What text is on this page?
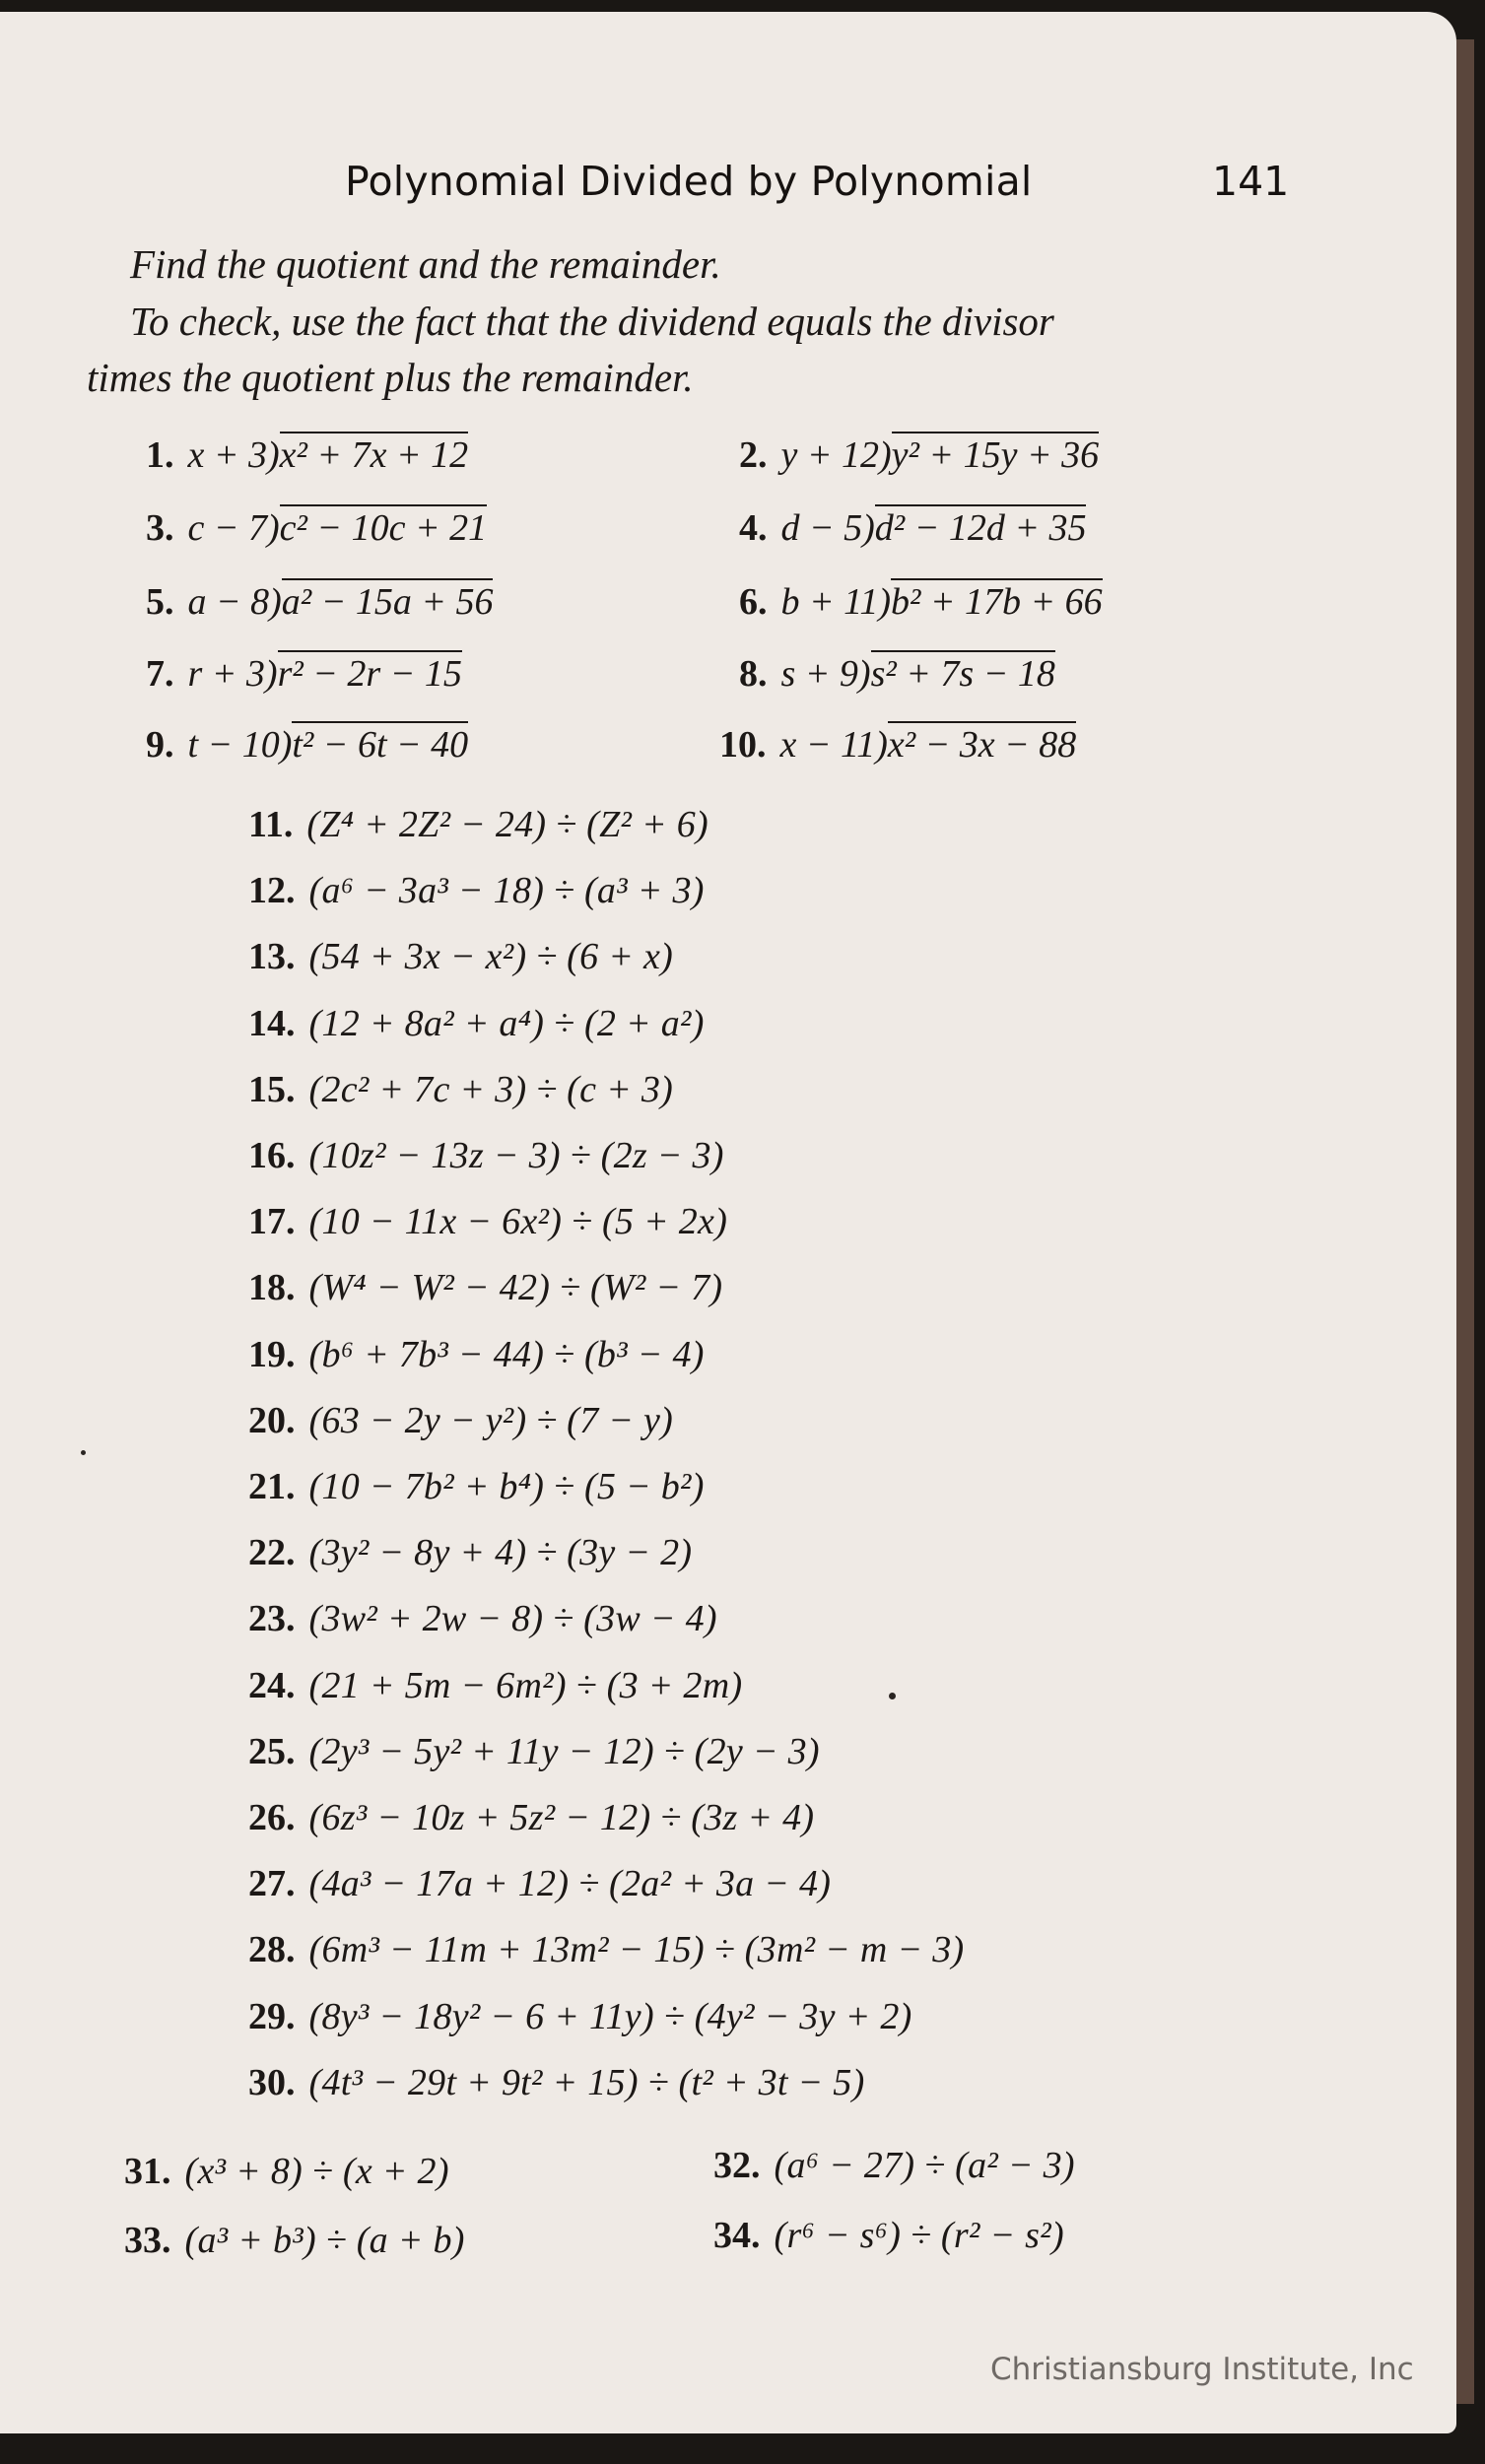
Polynomial Divided by Polynomial	141
Find the quotient and the remainder.
To check, use the fact that the dividend equals the divisor
times the quotient plus the remainder.
1. x + 3)x² + 7x + 12	2. y + 12)y² + 15y + 36
3. c − 7)c² − 10c + 21	4. d − 5)d² − 12d + 35
5. a − 8)a² − 15a + 56	6. b + 11)b² + 17b + 66
7. r + 3)r² − 2r − 15	8. s + 9)s² + 7s − 18
9. t − 10)t² − 6t − 40	10. x − 11)x² − 3x − 88
11. (Z⁴ + 2Z² − 24) ÷ (Z² + 6)
12. (a⁶ − 3a³ − 18) ÷ (a³ + 3)
13. (54 + 3x − x²) ÷ (6 + x)
14. (12 + 8a² + a⁴) ÷ (2 + a²)
15. (2c² + 7c + 3) ÷ (c + 3)
16. (10z² − 13z − 3) ÷ (2z − 3)
17. (10 − 11x − 6x²) ÷ (5 + 2x)
18. (W⁴ − W² − 42) ÷ (W² − 7)
19. (b⁶ + 7b³ − 44) ÷ (b³ − 4)
20. (63 − 2y − y²) ÷ (7 − y)
21. (10 − 7b² + b⁴) ÷ (5 − b²)
22. (3y² − 8y + 4) ÷ (3y − 2)
23. (3w² + 2w − 8) ÷ (3w − 4)
24. (21 + 5m − 6m²) ÷ (3 + 2m)
25. (2y³ − 5y² + 11y − 12) ÷ (2y − 3)
26. (6z³ − 10z + 5z² − 12) ÷ (3z + 4)
27. (4a³ − 17a + 12) ÷ (2a² + 3a − 4)
28. (6m³ − 11m + 13m² − 15) ÷ (3m² − m − 3)
29. (8y³ − 18y² − 6 + 11y) ÷ (4y² − 3y + 2)
30. (4t³ − 29t + 9t² + 15) ÷ (t² + 3t − 5)
31. (x³ + 8) ÷ (x + 2)	32. (a⁶ − 27) ÷ (a² − 3)
33. (a³ + b³) ÷ (a + b)	34. (r⁶ − s⁶) ÷ (r² − s²)
Christiansburg Institute, Inc
